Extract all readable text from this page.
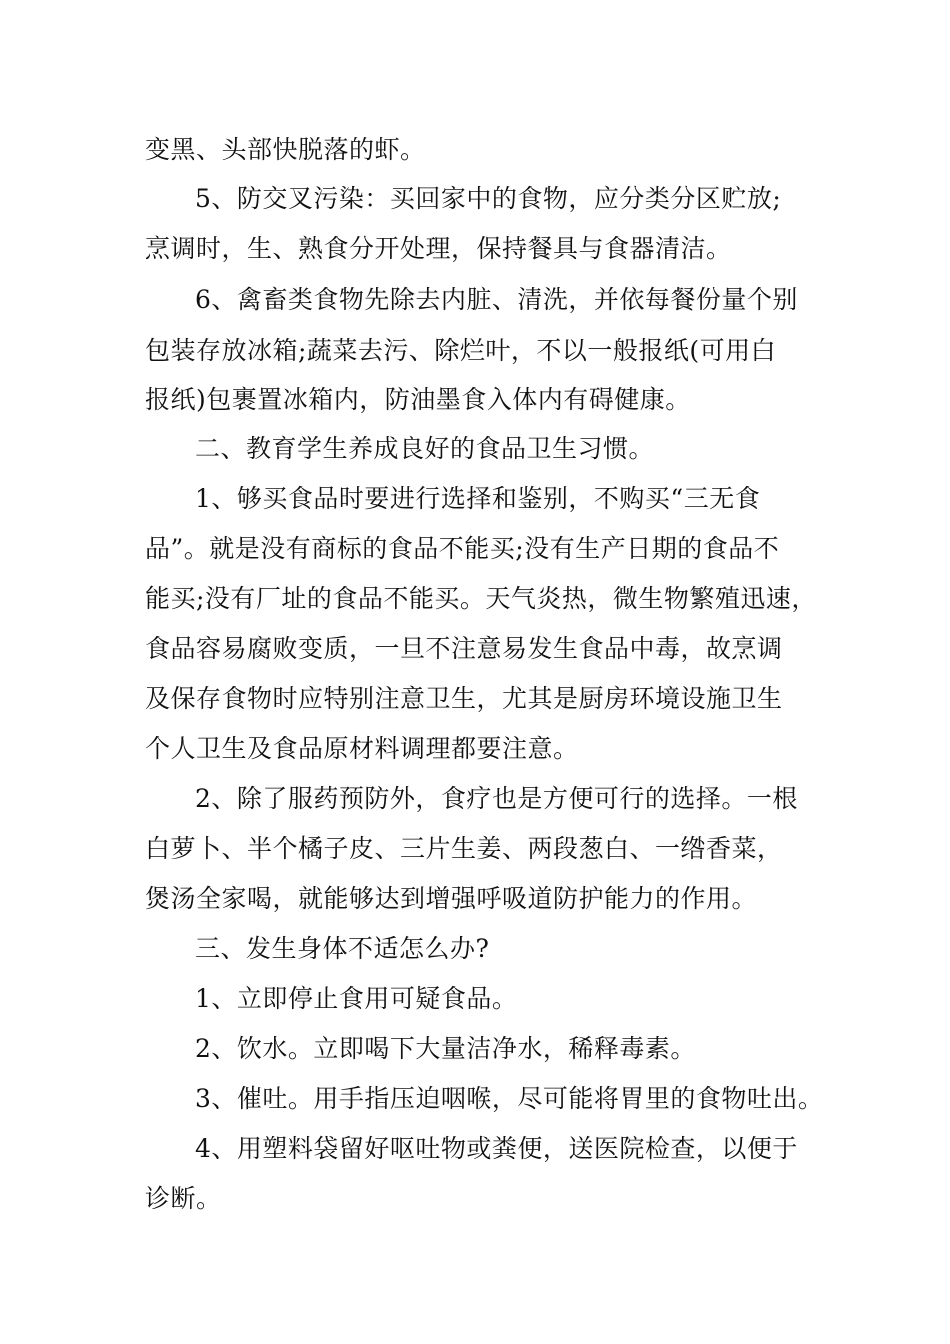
变黑、头部快脱落的虾。
5、防交叉污染：买回家中的食物，应分类分区贮放;
烹调时，生、熟食分开处理，保持餐具与食器清洁。
6、禽畜类食物先除去内脏、清洗，并依每餐份量个别
包装存放冰箱;蔬菜去污、除烂叶，不以一般报纸(可用白
报纸)包裹置冰箱内，防油墨食入体内有碍健康。
二、教育学生养成良好的食品卫生习惯。
1、够买食品时要进行选择和鉴别，不购买“三无食
品”。就是没有商标的食品不能买;没有生产日期的食品不
能买;没有厂址的食品不能买。天气炎热，微生物繁殖迅速，
食品容易腐败变质，一旦不注意易发生食品中毒，故烹调
及保存食物时应特别注意卫生，尤其是厨房环境设施卫生
个人卫生及食品原材料调理都要注意。
2、除了服药预防外，食疗也是方便可行的选择。一根
白萝卜、半个橘子皮、三片生姜、两段葱白、一绺香菜，
煲汤全家喝，就能够达到增强呼吸道防护能力的作用。
三、发生身体不适怎么办?
1、立即停止食用可疑食品。
2、饮水。立即喝下大量洁净水，稀释毒素。
3、催吐。用手指压迫咽喉，尽可能将胃里的食物吐出。
4、用塑料袋留好呕吐物或粪便，送医院检查，以便于
诊断。
